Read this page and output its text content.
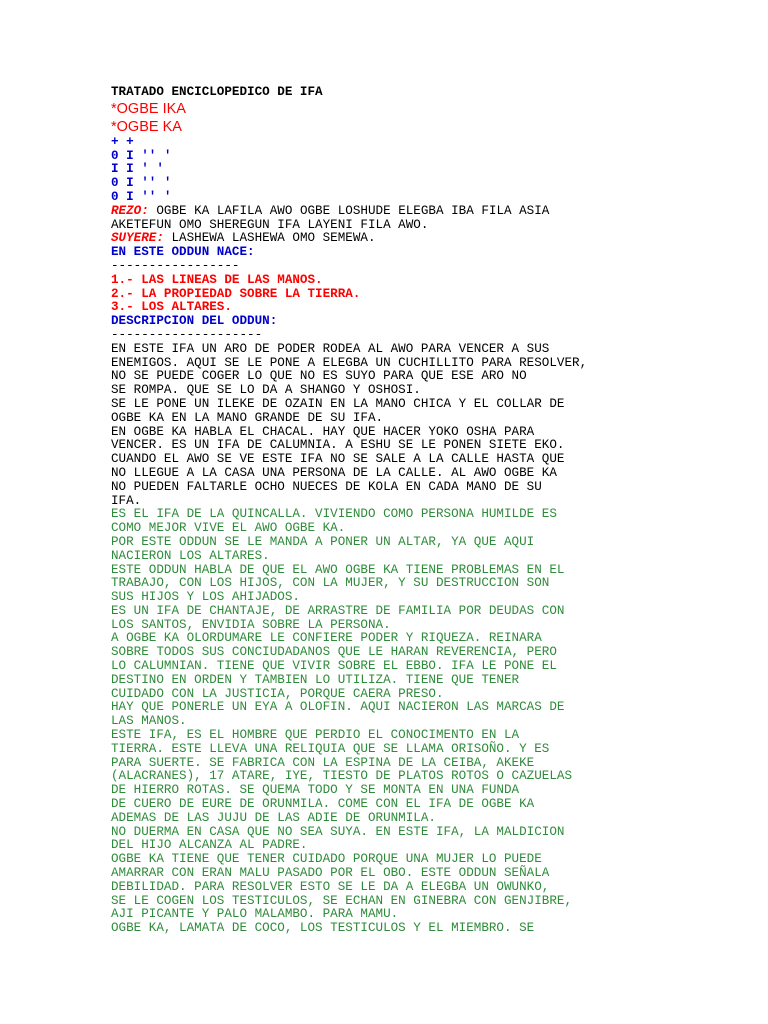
TRATADO ENCICLOPEDICO DE IFA
*OGBE IKA
*OGBE KA
+ +
0 I '' '
I I ' '
0 I '' '
0 I '' '
REZO: OGBE KA LAFILA AWO OGBE LOSHUDE ELEGBA IBA FILA ASIA
AKETEFUN OMO SHEREGUN IFA LAYENI FILA AWO.
SUYERE: LASHEWA LASHEWA OMO SEMEWA.
EN ESTE ODDUN NACE:
-----------------
1.- LAS LINEAS DE LAS MANOS.
2.- LA PROPIEDAD SOBRE LA TIERRA.
3.- LOS ALTARES.
DESCRIPCION DEL ODDUN:
--------------------
EN ESTE IFA UN ARO DE PODER RODEA AL AWO PARA VENCER A SUS
ENEMIGOS. AQUI SE LE PONE A ELEGBA UN CUCHILLITO PARA RESOLVER,
NO SE PUEDE COGER LO QUE NO ES SUYO PARA QUE ESE ARO NO
SE ROMPA. QUE SE LO DA A SHANGO Y OSHOSI.
SE LE PONE UN ILEKE DE OZAIN EN LA MANO CHICA Y EL COLLAR DE
OGBE KA EN LA MANO GRANDE DE SU IFA.
EN OGBE KA HABLA EL CHACAL. HAY QUE HACER YOKO OSHA PARA
VENCER. ES UN IFA DE CALUMNIA. A ESHU SE LE PONEN SIETE EKO.
CUANDO EL AWO SE VE ESTE IFA NO SE SALE A LA CALLE HASTA QUE
NO LLEGUE A LA CASA UNA PERSONA DE LA CALLE. AL AWO OGBE KA
NO PUEDEN FALTARLE OCHO NUECES DE KOLA EN CADA MANO DE SU
IFA.
ES EL IFA DE LA QUINCALLA. VIVIENDO COMO PERSONA HUMILDE ES
COMO MEJOR VIVE EL AWO OGBE KA.
POR ESTE ODDUN SE LE MANDA A PONER UN ALTAR, YA QUE AQUI
NACIERON LOS ALTARES.
ESTE ODDUN HABLA DE QUE EL AWO OGBE KA TIENE PROBLEMAS EN EL
TRABAJO, CON LOS HIJOS, CON LA MUJER, Y SU DESTRUCCION SON
SUS HIJOS Y LOS AHIJADOS.
ES UN IFA DE CHANTAJE, DE ARRASTRE DE FAMILIA POR DEUDAS CON
LOS SANTOS, ENVIDIA SOBRE LA PERSONA.
A OGBE KA OLORDUMARE LE CONFIERE PODER Y RIQUEZA. REINARA
SOBRE TODOS SUS CONCIUDADANOS QUE LE HARAN REVERENCIA, PERO
LO CALUMNIAN. TIENE QUE VIVIR SOBRE EL EBBO. IFA LE PONE EL
DESTINO EN ORDEN Y TAMBIEN LO UTILIZA. TIENE QUE TENER
CUIDADO CON LA JUSTICIA, PORQUE CAERA PRESO.
HAY QUE PONERLE UN EYA A OLOFIN. AQUI NACIERON LAS MARCAS DE
LAS MANOS.
ESTE IFA, ES EL HOMBRE QUE PERDIO EL CONOCIMENTO EN LA
TIERRA. ESTE LLEVA UNA RELIQUIA QUE SE LLAMA ORISOÑO. Y ES
PARA SUERTE. SE FABRICA CON LA ESPINA DE LA CEIBA, AKEKE
(ALACRANES), 17 ATARE, IYE, TIESTO DE PLATOS ROTOS O CAZUELAS
DE HIERRO ROTAS. SE QUEMA TODO Y SE MONTA EN UNA FUNDA
DE CUERO DE EURE DE ORUNMILA. COME CON EL IFA DE OGBE KA
ADEMAS DE LAS JUJU DE LAS ADIE DE ORUNMILA.
NO DUERMA EN CASA QUE NO SEA SUYA. EN ESTE IFA, LA MALDICION
DEL HIJO ALCANZA AL PADRE.
OGBE KA TIENE QUE TENER CUIDADO PORQUE UNA MUJER LO PUEDE
AMARRAR CON ERAN MALU PASADO POR EL OBO. ESTE ODDUN SEÑALA
DEBILIDAD. PARA RESOLVER ESTO SE LE DA A ELEGBA UN OWUNKO,
SE LE COGEN LOS TESTICULOS, SE ECHAN EN GINEBRA CON GENJIBRE,
AJI PICANTE Y PALO MALAMBO. PARA MAMU.
OGBE KA, LAMATA DE COCO, LOS TESTICULOS Y EL MIEMBRO. SE
